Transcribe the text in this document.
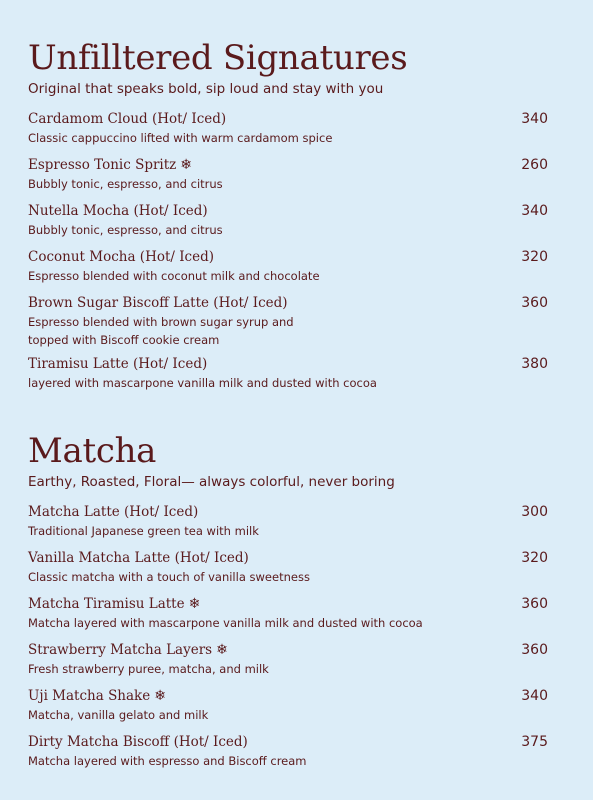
Unfilltered Signatures
Original that speaks bold, sip loud and stay with you
Cardamom Cloud (Hot/ Iced)	340
Classic cappuccino lifted with warm cardamom spice
Espresso Tonic Spritz ❄	260
Bubbly tonic, espresso, and citrus
Nutella Mocha (Hot/ Iced)	340
Bubbly tonic, espresso, and citrus
Coconut Mocha (Hot/ Iced)	320
Espresso blended with coconut milk and chocolate
Brown Sugar Biscoff Latte (Hot/ Iced)	360
Espresso blended with brown sugar syrup and topped with Biscoff cookie cream
Tiramisu Latte (Hot/ Iced)	380
layered with mascarpone vanilla milk and dusted with cocoa
Matcha
Earthy, Roasted, Floral— always colorful, never boring
Matcha Latte (Hot/ Iced)	300
Traditional Japanese green tea with milk
Vanilla Matcha Latte (Hot/ Iced)	320
Classic matcha with a touch of vanilla sweetness
Matcha Tiramisu Latte ❄	360
Matcha layered with mascarpone vanilla milk and dusted with cocoa
Strawberry Matcha Layers ❄	360
Fresh strawberry puree, matcha, and milk
Uji Matcha Shake ❄	340
Matcha, vanilla gelato and milk
Dirty Matcha Biscoff (Hot/ Iced)	375
Matcha layered with espresso and Biscoff cream
